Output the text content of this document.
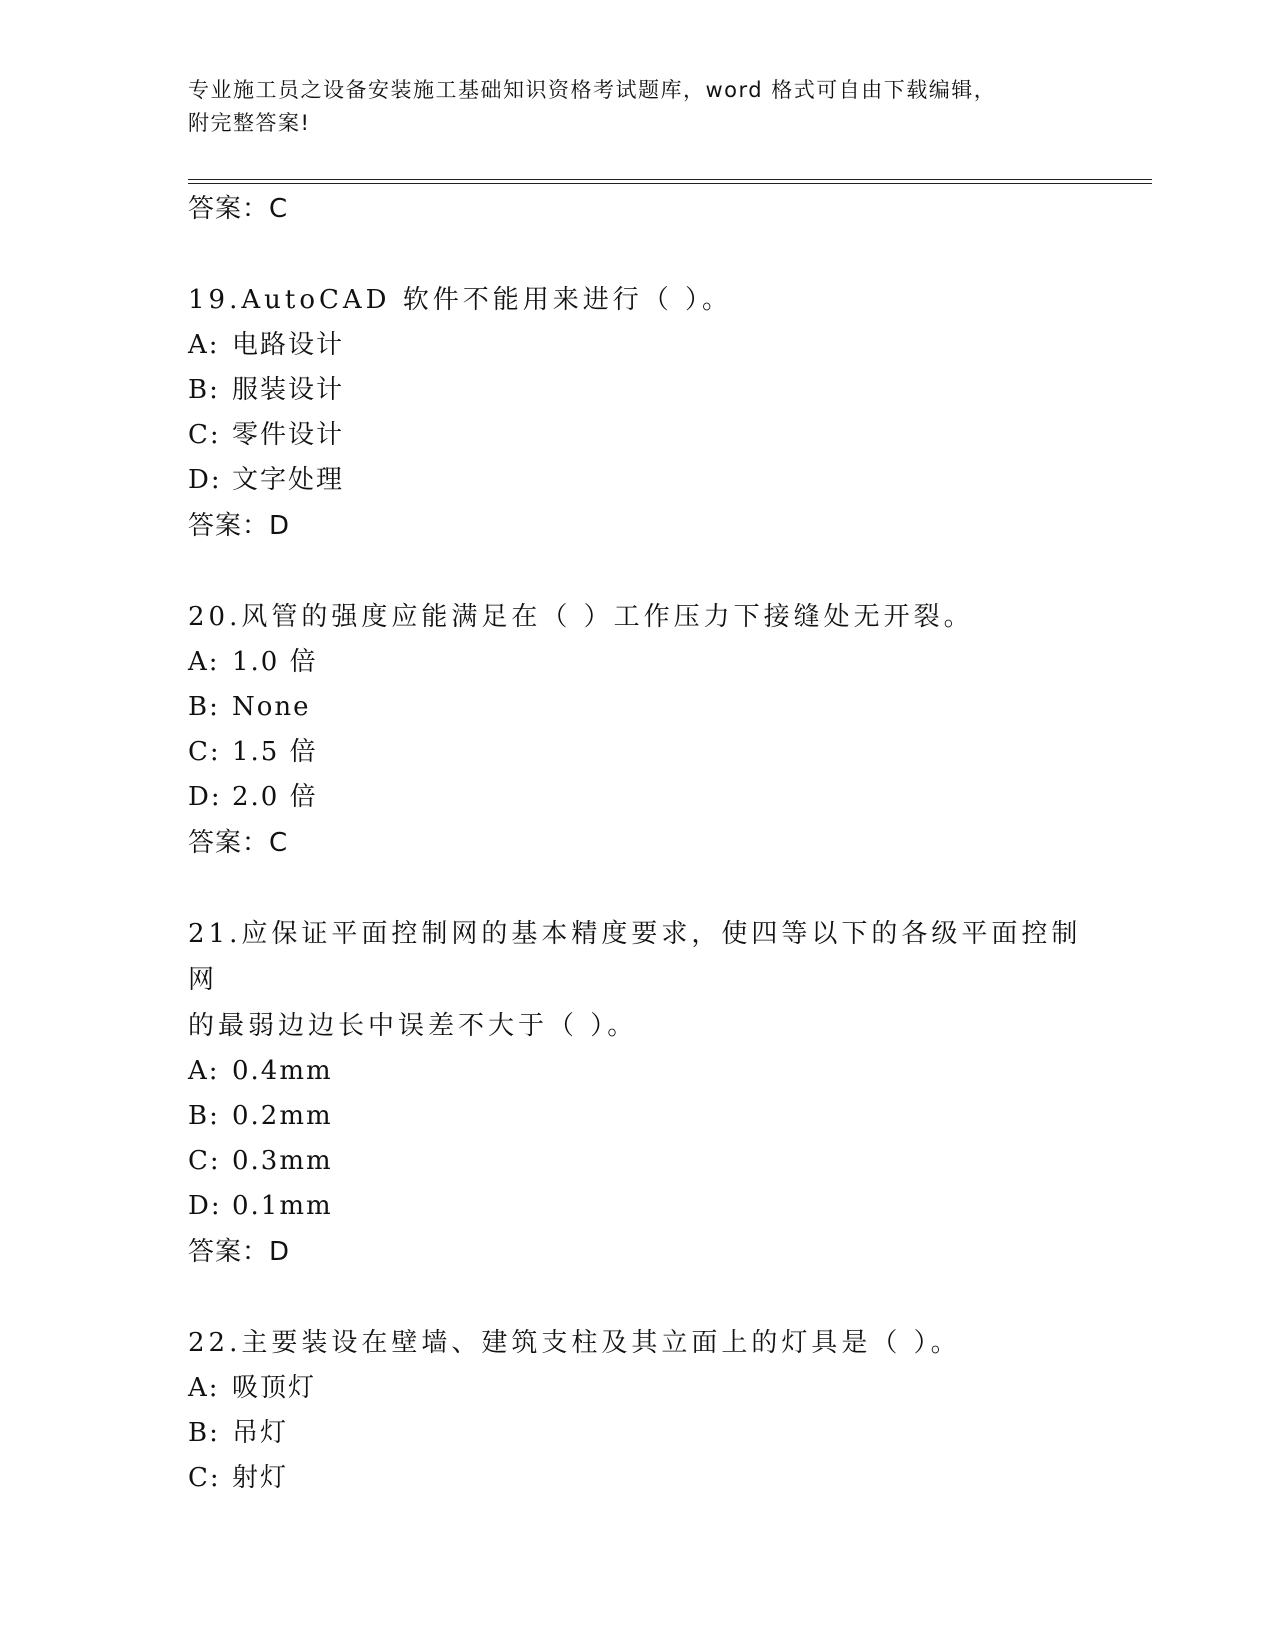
专业施工员之设备安装施工基础知识资格考试题库，word 格式可自由下载编辑，
附完整答案!
答案：C
19.AutoCAD 软件不能用来进行（ ）。
A: 电路设计
B: 服装设计
C: 零件设计
D: 文字处理
答案：D
20.风管的强度应能满足在（ ）工作压力下接缝处无开裂。
A: 1.0 倍
B: None
C: 1.5 倍
D: 2.0 倍
答案：C
21.应保证平面控制网的基本精度要求，使四等以下的各级平面控制网
的最弱边边长中误差不大于（ ）。
A: 0.4mm
B: 0.2mm
C: 0.3mm
D: 0.1mm
答案：D
22.主要装设在壁墙、建筑支柱及其立面上的灯具是（ ）。
A: 吸顶灯
B: 吊灯
C: 射灯
